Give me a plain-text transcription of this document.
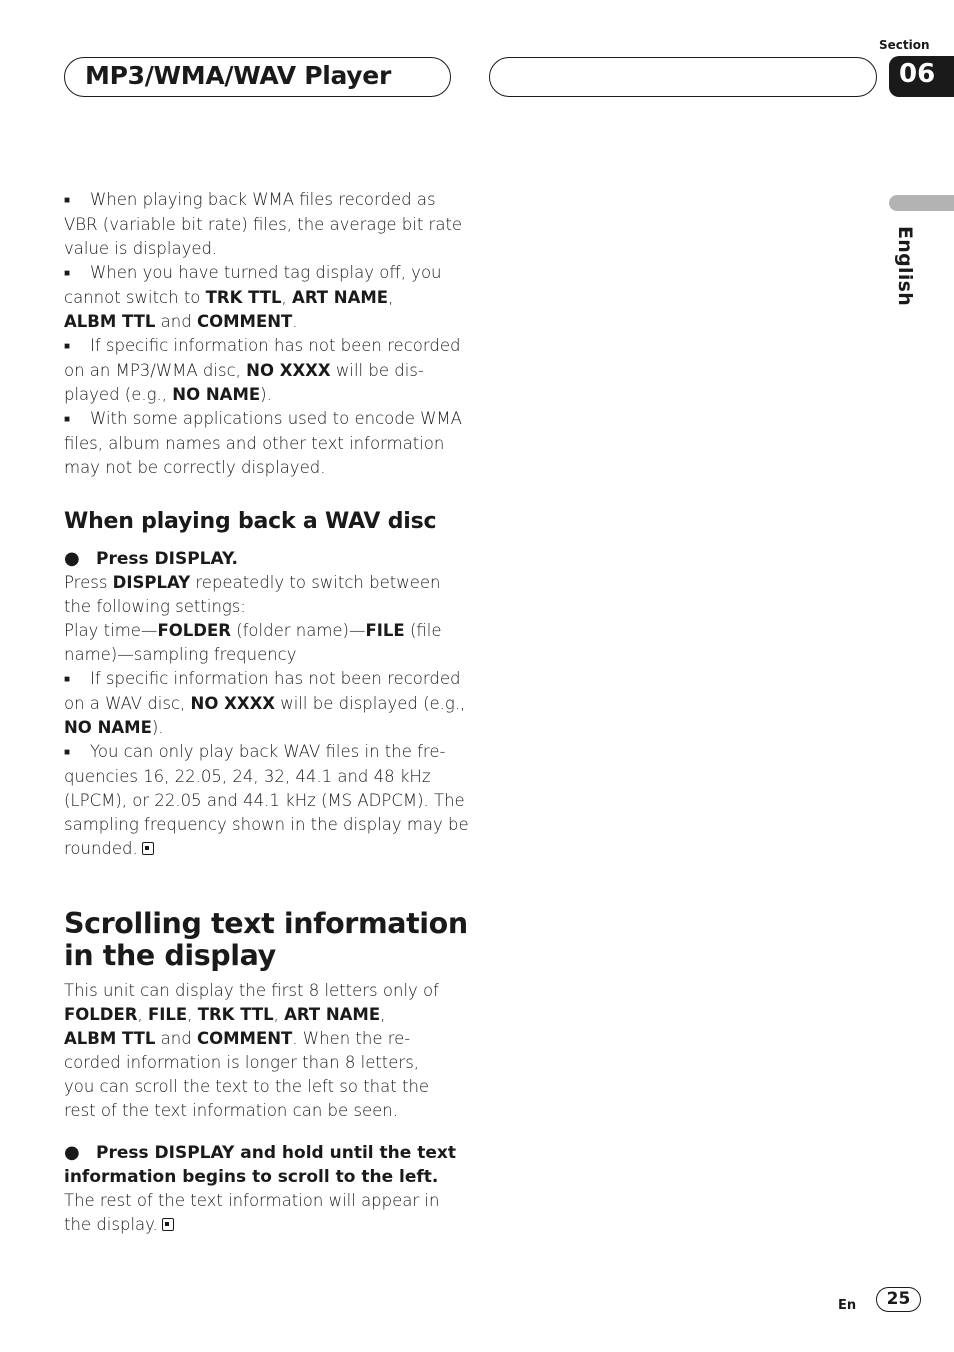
MP3/WMA/WAV Player
Section
06
English

■ When playing back WMA files recorded as

VBR (variable bit rate) files, the average bit rate

value is displayed.

■ When you have turned tag display off, you

cannot switch to TRK TTL, ART NAME,

ALBM TTL and COMMENT.

■ If specific information has not been recorded

on an MP3/WMA disc, NO XXXX will be dis-

played (e.g., NO NAME).

■ With some applications used to encode WMA

files, album names and other text information

may not be correctly displayed.

When playing back a WAV disc

● Press DISPLAY.

Press DISPLAY repeatedly to switch between

the following settings:

Play time—FOLDER (folder name)—FILE (file

name)—sampling frequency

■ If specific information has not been recorded

on a WAV disc, NO XXXX will be displayed (e.g.,

NO NAME).

■ You can only play back WAV files in the fre-

quencies 16, 22.05, 24, 32, 44.1 and 48 kHz

(LPCM), or 22.05 and 44.1 kHz (MS ADPCM). The

sampling frequency shown in the display may be

rounded.

Scrolling text information

in the display

This unit can display the first 8 letters only of

FOLDER, FILE, TRK TTL, ART NAME,

ALBM TTL and COMMENT. When the re-

corded information is longer than 8 letters,

you can scroll the text to the left so that the

rest of the text information can be seen.

● Press DISPLAY and hold until the text

information begins to scroll to the left.

The rest of the text information will appear in

the display.

En	25
